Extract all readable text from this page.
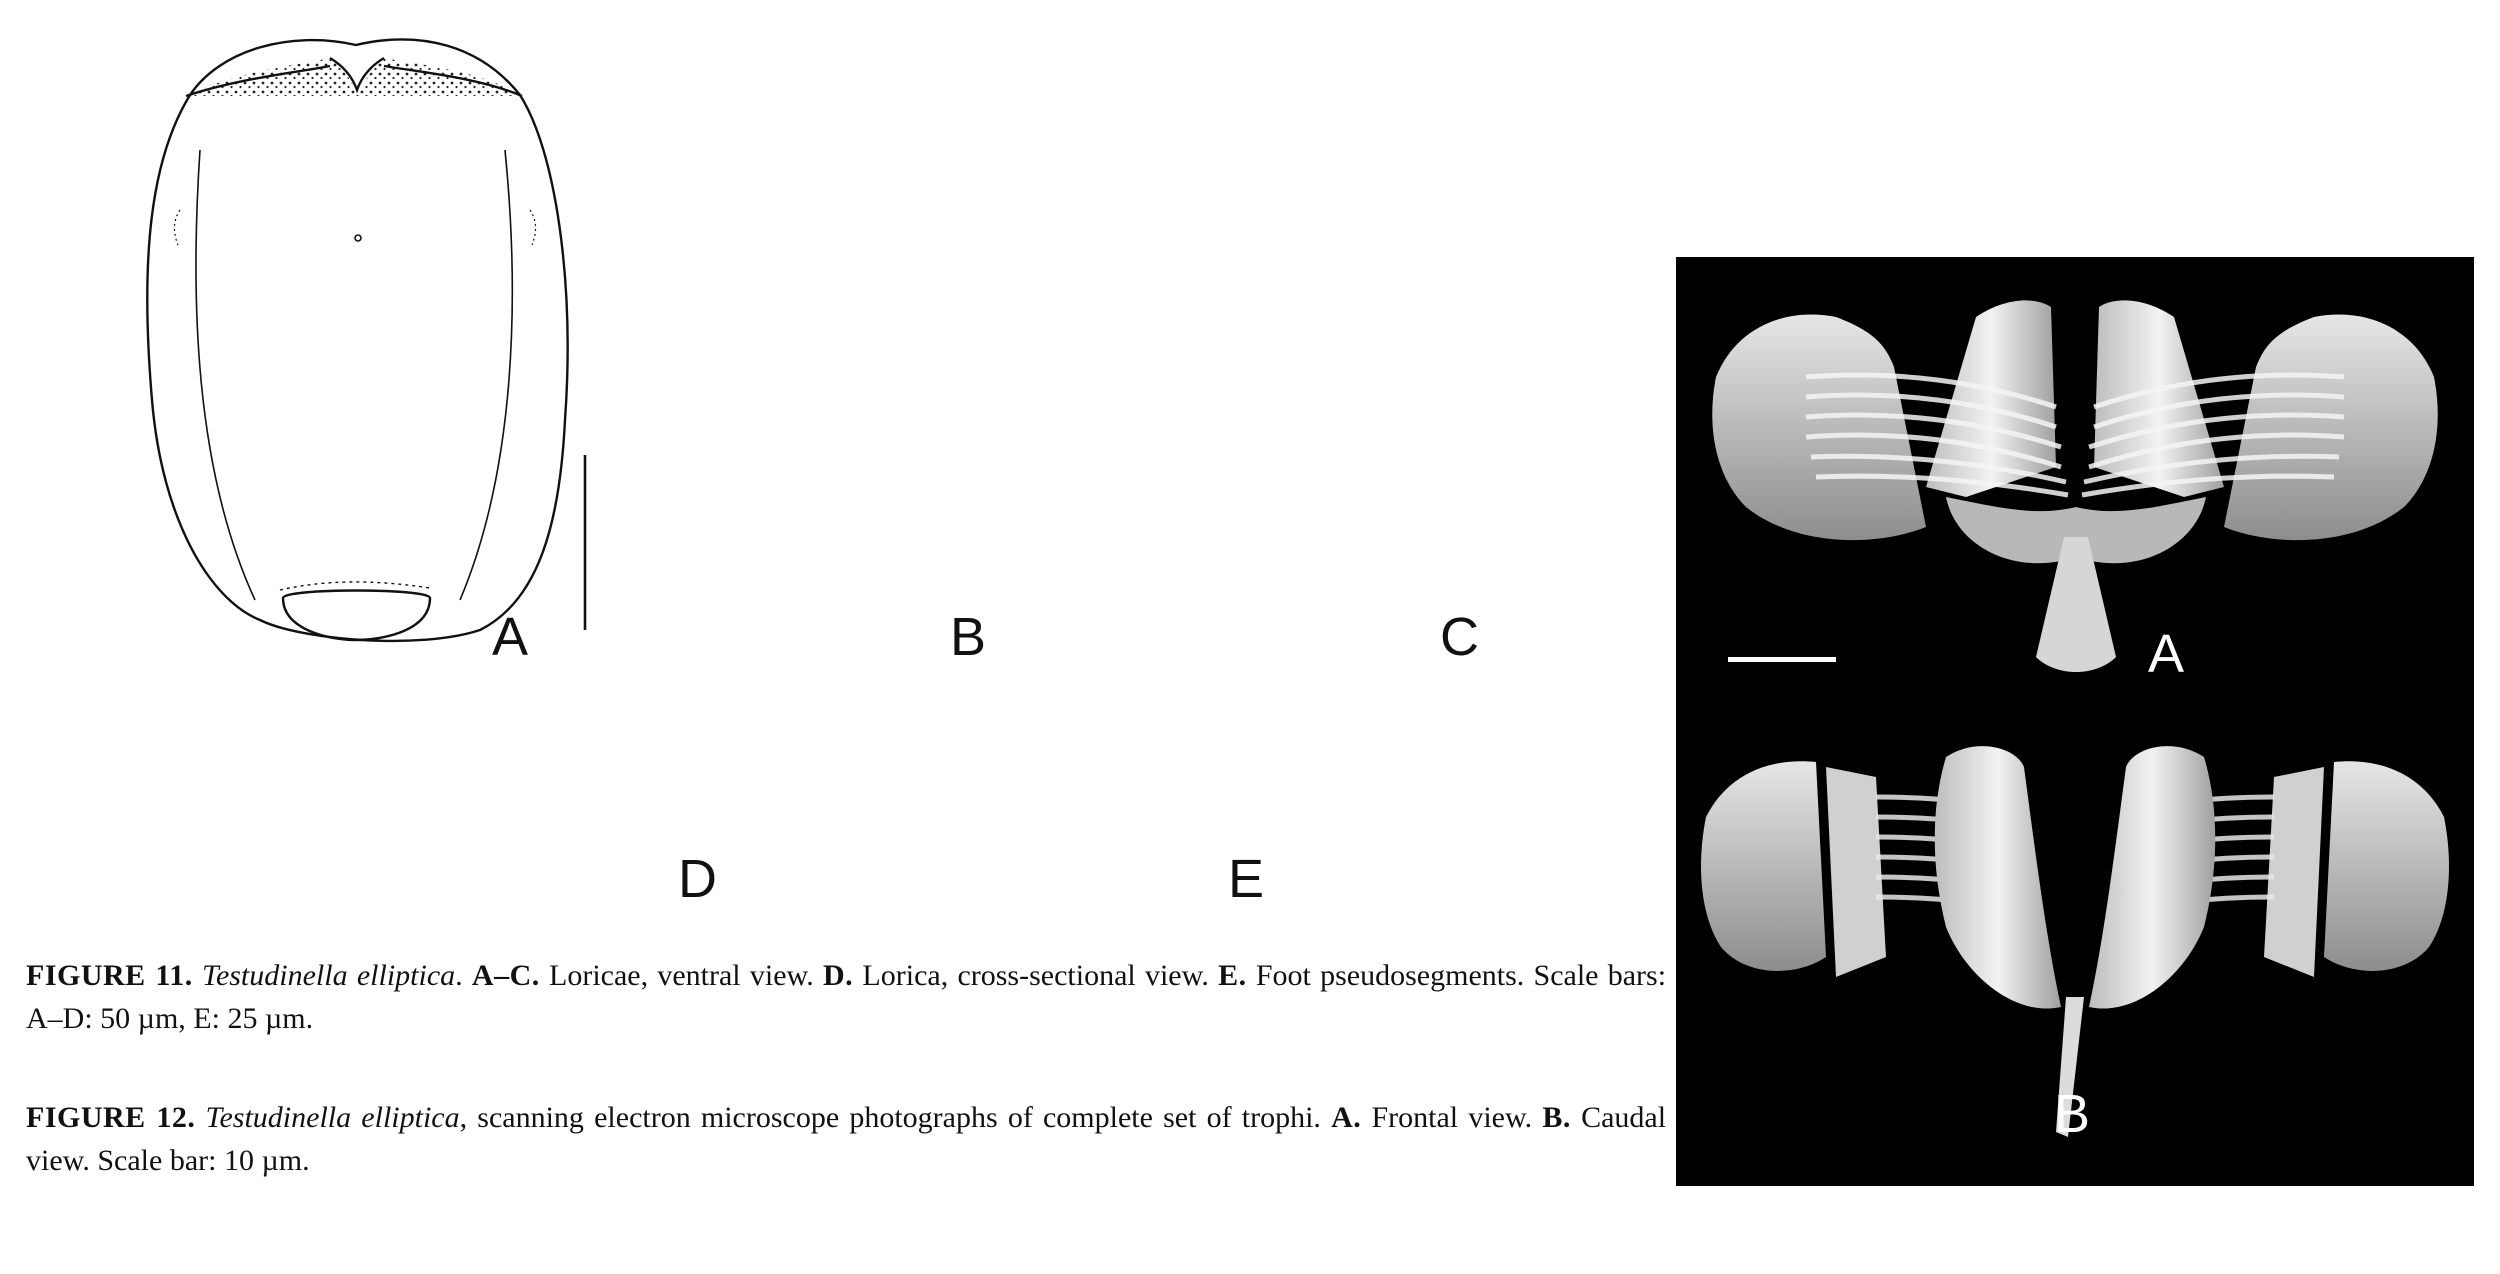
A	B	C
D	E
FIGURE 11. Testudinella elliptica. A–C. Loricae, ventral view. D. Lorica, cross-sectional view. E. Foot pseudosegments. Scale bars: A–D: 50 µm, E: 25 µm.
FIGURE 12. Testudinella elliptica, scanning electron microscope photographs of complete set of trophi. A. Frontal view. B. Caudal view. Scale bar: 10 µm.
A
B
